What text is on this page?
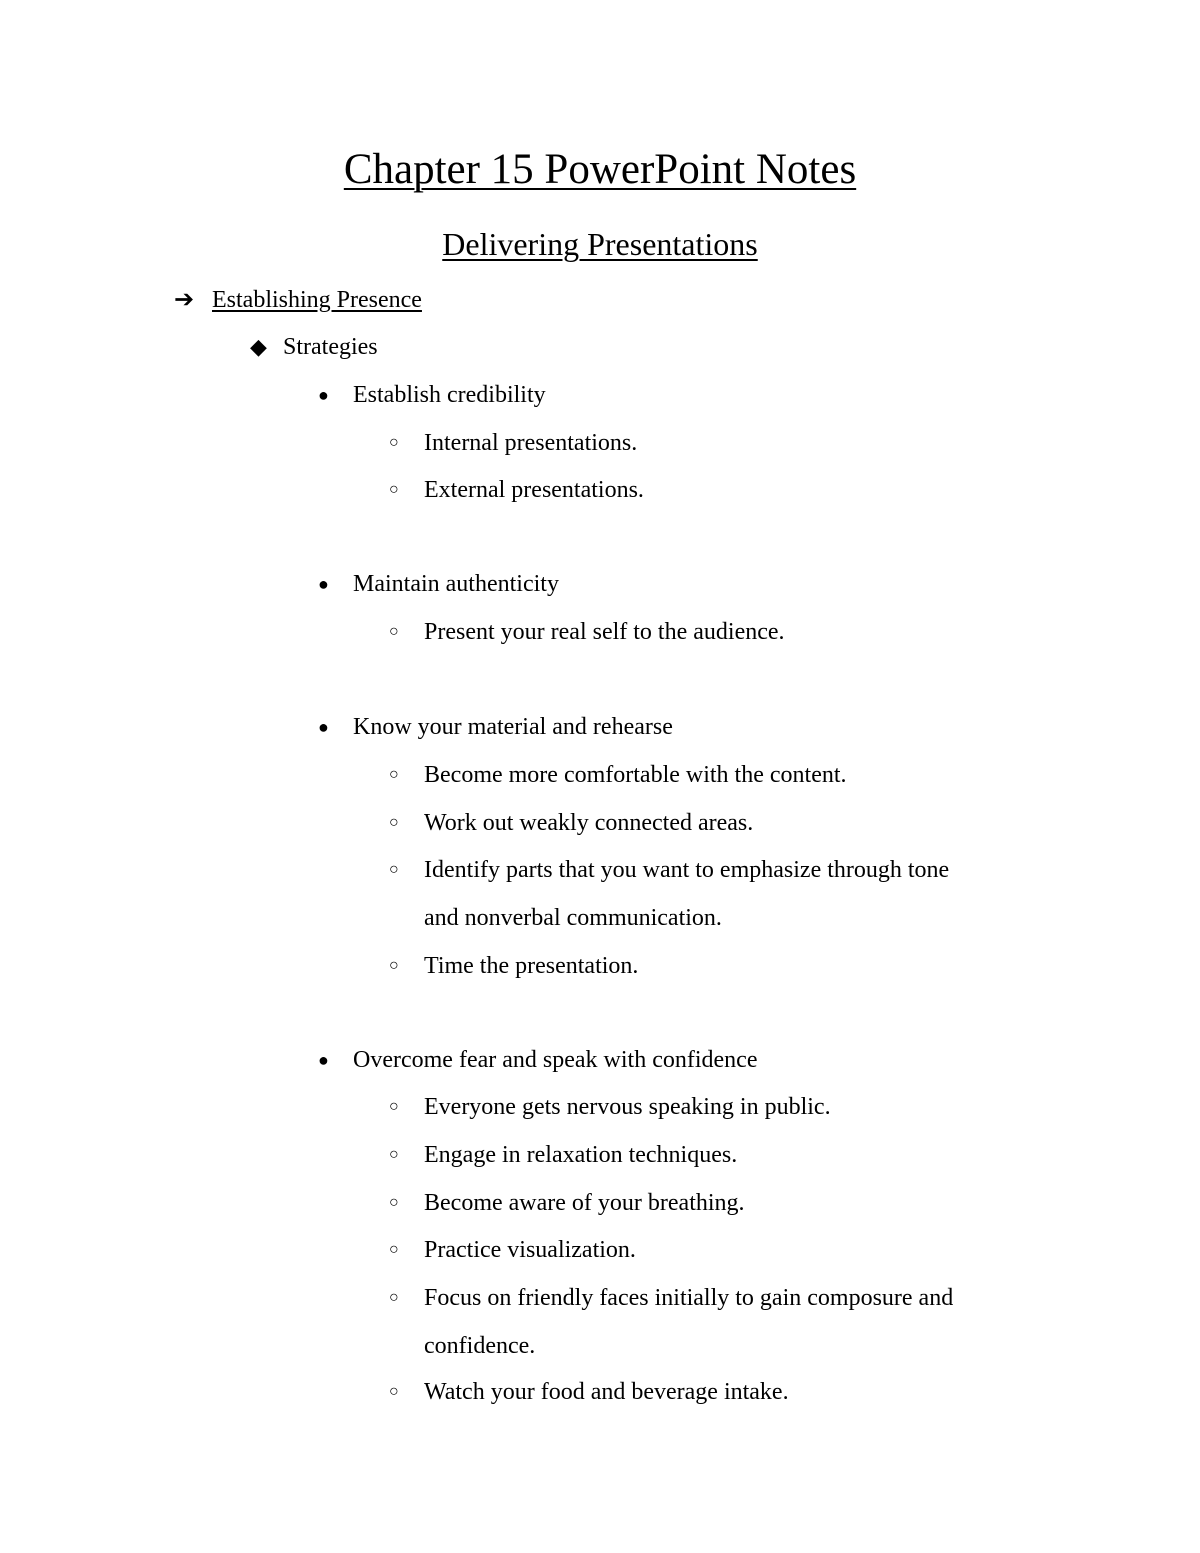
Chapter 15 PowerPoint Notes
Delivering Presentations
➔ Establishing Presence
◆ Strategies
● Establish credibility
○ Internal presentations.
○ External presentations.
● Maintain authenticity
○ Present your real self to the audience.
● Know your material and rehearse
○ Become more comfortable with the content.
○ Work out weakly connected areas.
○ Identify parts that you want to emphasize through tone
and nonverbal communication.
○ Time the presentation.
● Overcome fear and speak with confidence
○ Everyone gets nervous speaking in public.
○ Engage in relaxation techniques.
○ Become aware of your breathing.
○ Practice visualization.
○ Focus on friendly faces initially to gain composure and
confidence.
○ Watch your food and beverage intake.
